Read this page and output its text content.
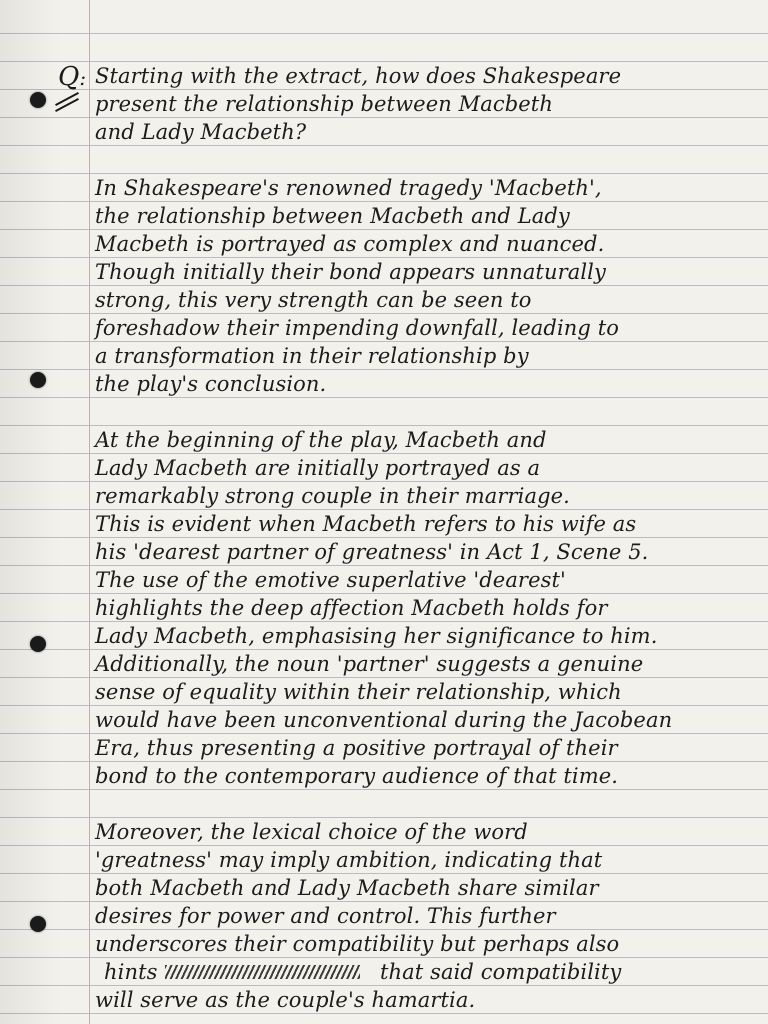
Q: Starting with the extract, how does Shakespeare
present the relationship between Macbeth
and Lady Macbeth?
In Shakespeare's renowned tragedy 'Macbeth',
the relationship between Macbeth and Lady
Macbeth is portrayed as complex and nuanced.
Though initially their bond appears unnaturally
strong, this very strength can be seen to
foreshadow their impending downfall, leading to
a transformation in their relationship by
the play's conclusion.
At the beginning of the play, Macbeth and
Lady Macbeth are initially portrayed as a
remarkably strong couple in their marriage.
This is evident when Macbeth refers to his wife as
his 'dearest partner of greatness' in Act 1, Scene 5.
The use of the emotive superlative 'dearest'
highlights the deep affection Macbeth holds for
Lady Macbeth, emphasising her significance to him.
Additionally, the noun 'partner' suggests a genuine
sense of equality within their relationship, which
would have been unconventional during the Jacobean
Era, thus presenting a positive portrayal of their
bond to the contemporary audience of that time.
Moreover, the lexical choice of the word
'greatness' may imply ambition, indicating that
both Macbeth and Lady Macbeth share similar
desires for power and control. This further
underscores their compatibility but perhaps also
hints	that said compatibility
will serve as the couple's hamartia.
